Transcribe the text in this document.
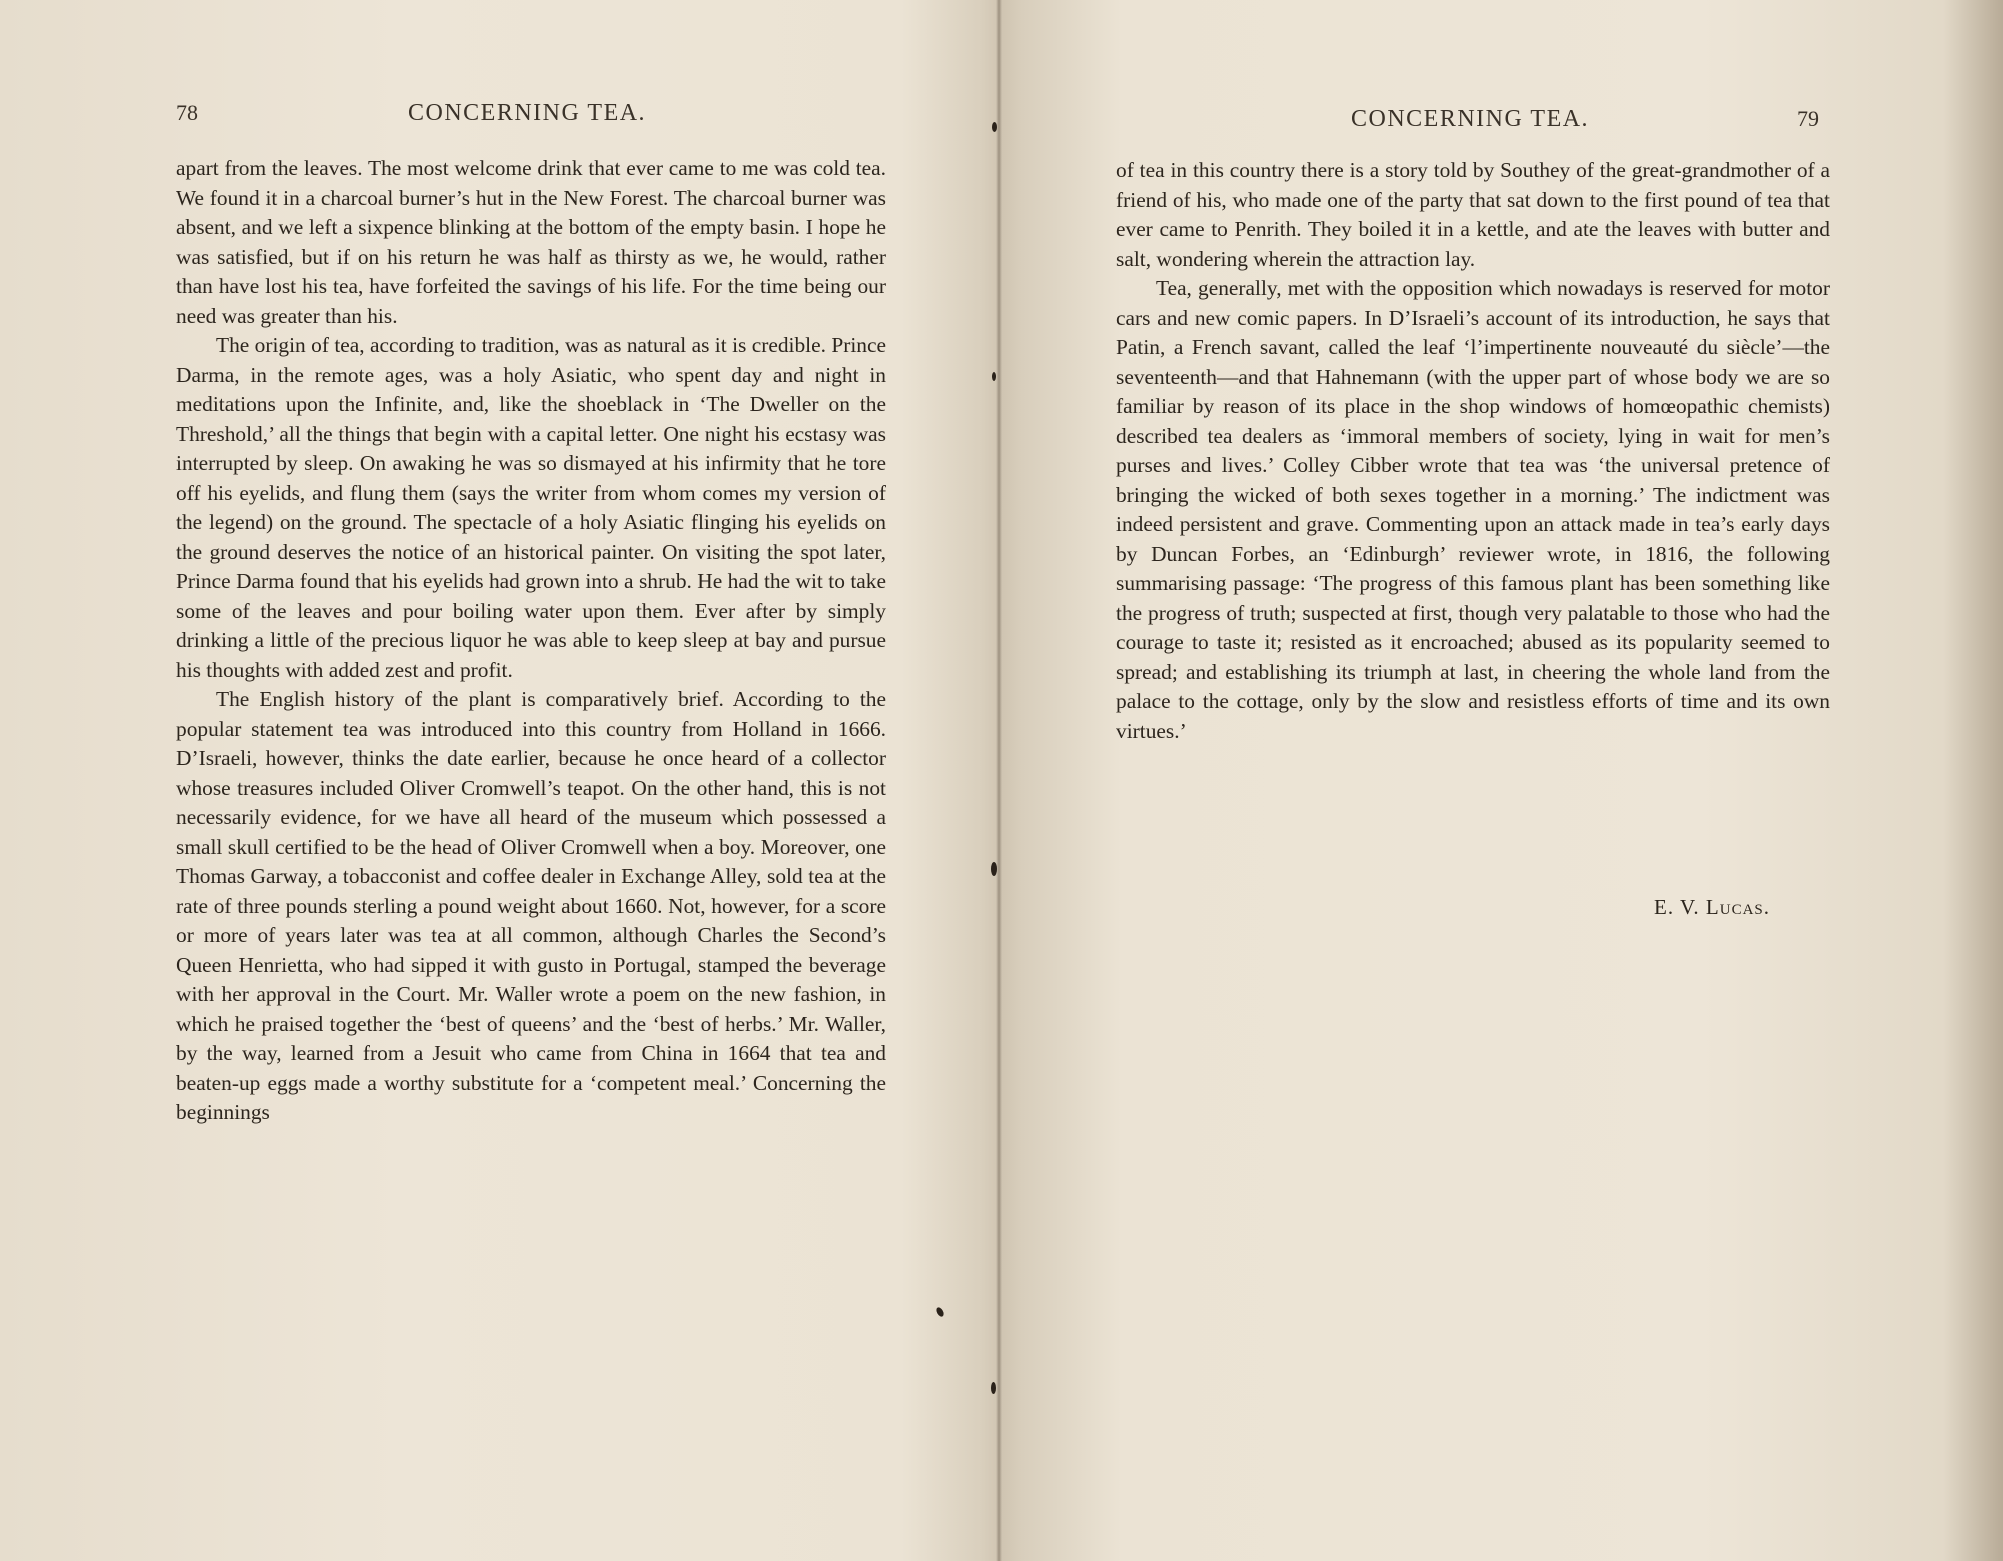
78	CONCERNING TEA.

apart from the leaves. The most welcome drink that ever came to me was cold tea. We found it in a charcoal burner’s hut in the New Forest. The charcoal burner was absent, and we left a sixpence blinking at the bottom of the empty basin. I hope he was satisfied, but if on his return he was half as thirsty as we, he would, rather than have lost his tea, have forfeited the savings of his life. For the time being our need was greater than his.

The origin of tea, according to tradition, was as natural as it is credible. Prince Darma, in the remote ages, was a holy Asiatic, who spent day and night in meditations upon the Infinite, and, like the shoeblack in ‘The Dweller on the Threshold,’ all the things that begin with a capital letter. One night his ecstasy was interrupted by sleep. On awaking he was so dismayed at his infirmity that he tore off his eyelids, and flung them (says the writer from whom comes my version of the legend) on the ground. The spectacle of a holy Asiatic flinging his eyelids on the ground deserves the notice of an historical painter. On visiting the spot later, Prince Darma found that his eyelids had grown into a shrub. He had the wit to take some of the leaves and pour boiling water upon them. Ever after by simply drinking a little of the precious liquor he was able to keep sleep at bay and pursue his thoughts with added zest and profit.

The English history of the plant is comparatively brief. According to the popular statement tea was introduced into this country from Holland in 1666. D’Israeli, however, thinks the date earlier, because he once heard of a collector whose treasures included Oliver Cromwell’s teapot. On the other hand, this is not necessarily evidence, for we have all heard of the museum which possessed a small skull certified to be the head of Oliver Cromwell when a boy. Moreover, one Thomas Garway, a tobacconist and coffee dealer in Exchange Alley, sold tea at the rate of three pounds sterling a pound weight about 1660. Not, however, for a score or more of years later was tea at all common, although Charles the Second’s Queen Henrietta, who had sipped it with gusto in Portugal, stamped the beverage with her approval in the Court. Mr. Waller wrote a poem on the new fashion, in which he praised together the ‘best of queens’ and the ‘best of herbs.’ Mr. Waller, by the way, learned from a Jesuit who came from China in 1664 that tea and beaten-up eggs made a worthy substitute for a ‘competent meal.’ Concerning the beginnings

CONCERNING TEA.	79

of tea in this country there is a story told by Southey of the great-grandmother of a friend of his, who made one of the party that sat down to the first pound of tea that ever came to Penrith. They boiled it in a kettle, and ate the leaves with butter and salt, wondering wherein the attraction lay.

Tea, generally, met with the opposition which nowadays is reserved for motor cars and new comic papers. In D’Israeli’s account of its introduction, he says that Patin, a French savant, called the leaf ‘l’impertinente nouveauté du siècle’—the seventeenth—and that Hahnemann (with the upper part of whose body we are so familiar by reason of its place in the shop windows of homœopathic chemists) described tea dealers as ‘immoral members of society, lying in wait for men’s purses and lives.’ Colley Cibber wrote that tea was ‘the universal pretence of bringing the wicked of both sexes together in a morning.’ The indictment was indeed persistent and grave. Commenting upon an attack made in tea’s early days by Duncan Forbes, an ‘Edinburgh’ reviewer wrote, in 1816, the following summarising passage: ‘The progress of this famous plant has been something like the progress of truth; suspected at first, though very palatable to those who had the courage to taste it; resisted as it encroached; abused as its popularity seemed to spread; and establishing its triumph at last, in cheering the whole land from the palace to the cottage, only by the slow and resistless efforts of time and its own virtues.’

E. V. Lucas.
